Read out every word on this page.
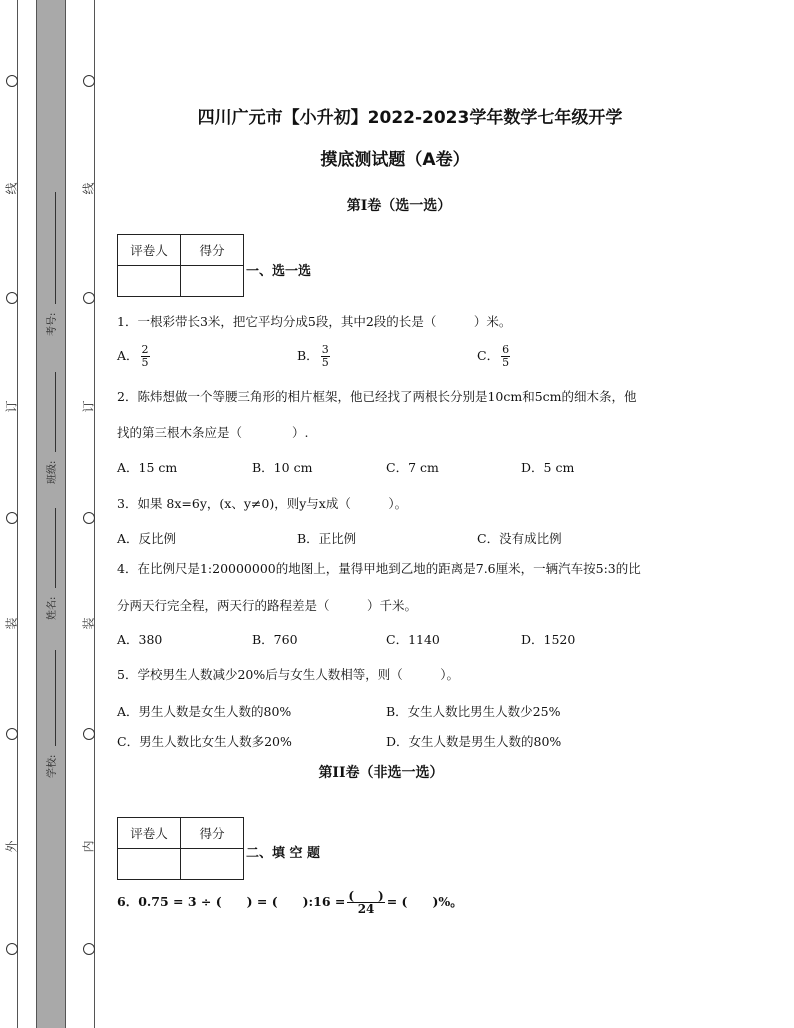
线
订
装
外
线
订
装
内
考号:
班级:
姓名:
学校:
四川广元市【小升初】2022-2023学年数学七年级开学
摸底测试题（A卷）
第I卷（选一选）
评卷人	得分

一、选一选
1．一根彩带长3米，把它平均分成5段，其中2段的长是（　　　）米。
A． $\frac{2}{5}$	B． $\frac{3}{5}$	C． $\frac{6}{5}$
2．陈炜想做一个等腰三角形的相片框架，他已经找了两根长分别是10cm和5cm的细木条，他
找的第三根木条应是（　　　　）.
A．15 cm	B．10 cm	C．7 cm	D．5 cm
3．如果 8x=6y，(x、y≠0)，则y与x成（　　　）。
A．反比例	B．正比例	C．没有成比例
4．在比例尺是1:20000000的地图上，量得甲地到乙地的距离是7.6厘米，一辆汽车按5:3的比
分两天行完全程，两天行的路程差是（　　　）千米。
A．380	B．760	C．1140	D．1520
5．学校男生人数减少20%后与女生人数相等，则（　　　）。
A．男生人数是女生人数的80%	B．女生人数比男生人数少25%
C．男生人数比女生人数多20%	D．女生人数是男生人数的80%
第II卷（非选一选）
评卷人	得分

二、填 空 题
6．0.75 = 3 ÷ (　　) = (　　):16 = $\frac{( )}{24}$ = (　　)%。
